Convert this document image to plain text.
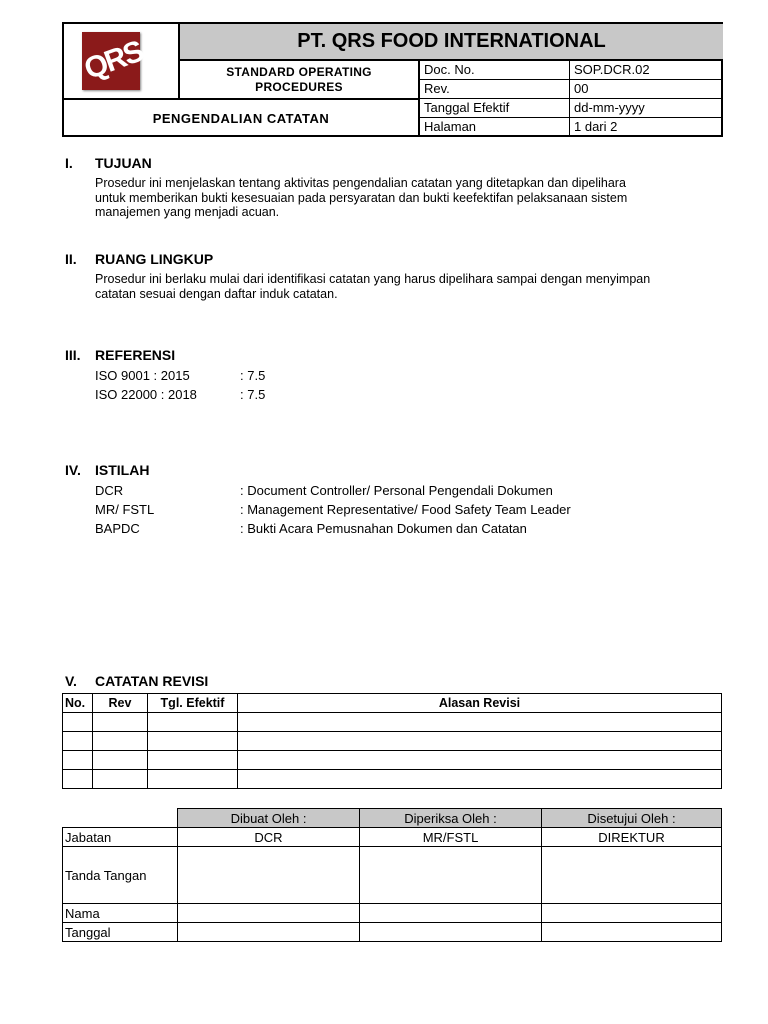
QRS	PT. QRS FOOD INTERNATIONAL
STANDARD OPERATING
PROCEDURES
PENGENDALIAN CATATAN
Doc. No.	SOP.DCR.02
Rev.	00
Tanggal Efektif	dd-mm-yyyy
Halaman	1 dari 2
I.	TUJUAN
Prosedur ini menjelaskan tentang aktivitas pengendalian catatan yang ditetapkan dan dipelihara
untuk memberikan bukti kesesuaian pada persyaratan dan bukti keefektifan pelaksanaan sistem
manajemen yang menjadi acuan.
II.	RUANG LINGKUP
Prosedur ini berlaku mulai dari identifikasi catatan yang harus dipelihara sampai dengan menyimpan
catatan sesuai dengan daftar induk catatan.
III.	REFERENSI
ISO 9001 : 2015	: 7.5
ISO 22000 : 2018	: 7.5
IV.	ISTILAH
DCR	: Document Controller/ Personal Pengendali Dokumen
MR/ FSTL	: Management Representative/ Food Safety Team Leader
BAPDC	: Bukti Acara Pemusnahan Dokumen dan Catatan
V.	CATATAN REVISI
No.	Rev	Tgl. Efektif	Alasan Revisi

	Dibuat Oleh :	Diperiksa Oleh :	Disetujui Oleh :
Jabatan	DCR	MR/FSTL	DIREKTUR
Tanda Tangan			
Nama			
Tanggal			
